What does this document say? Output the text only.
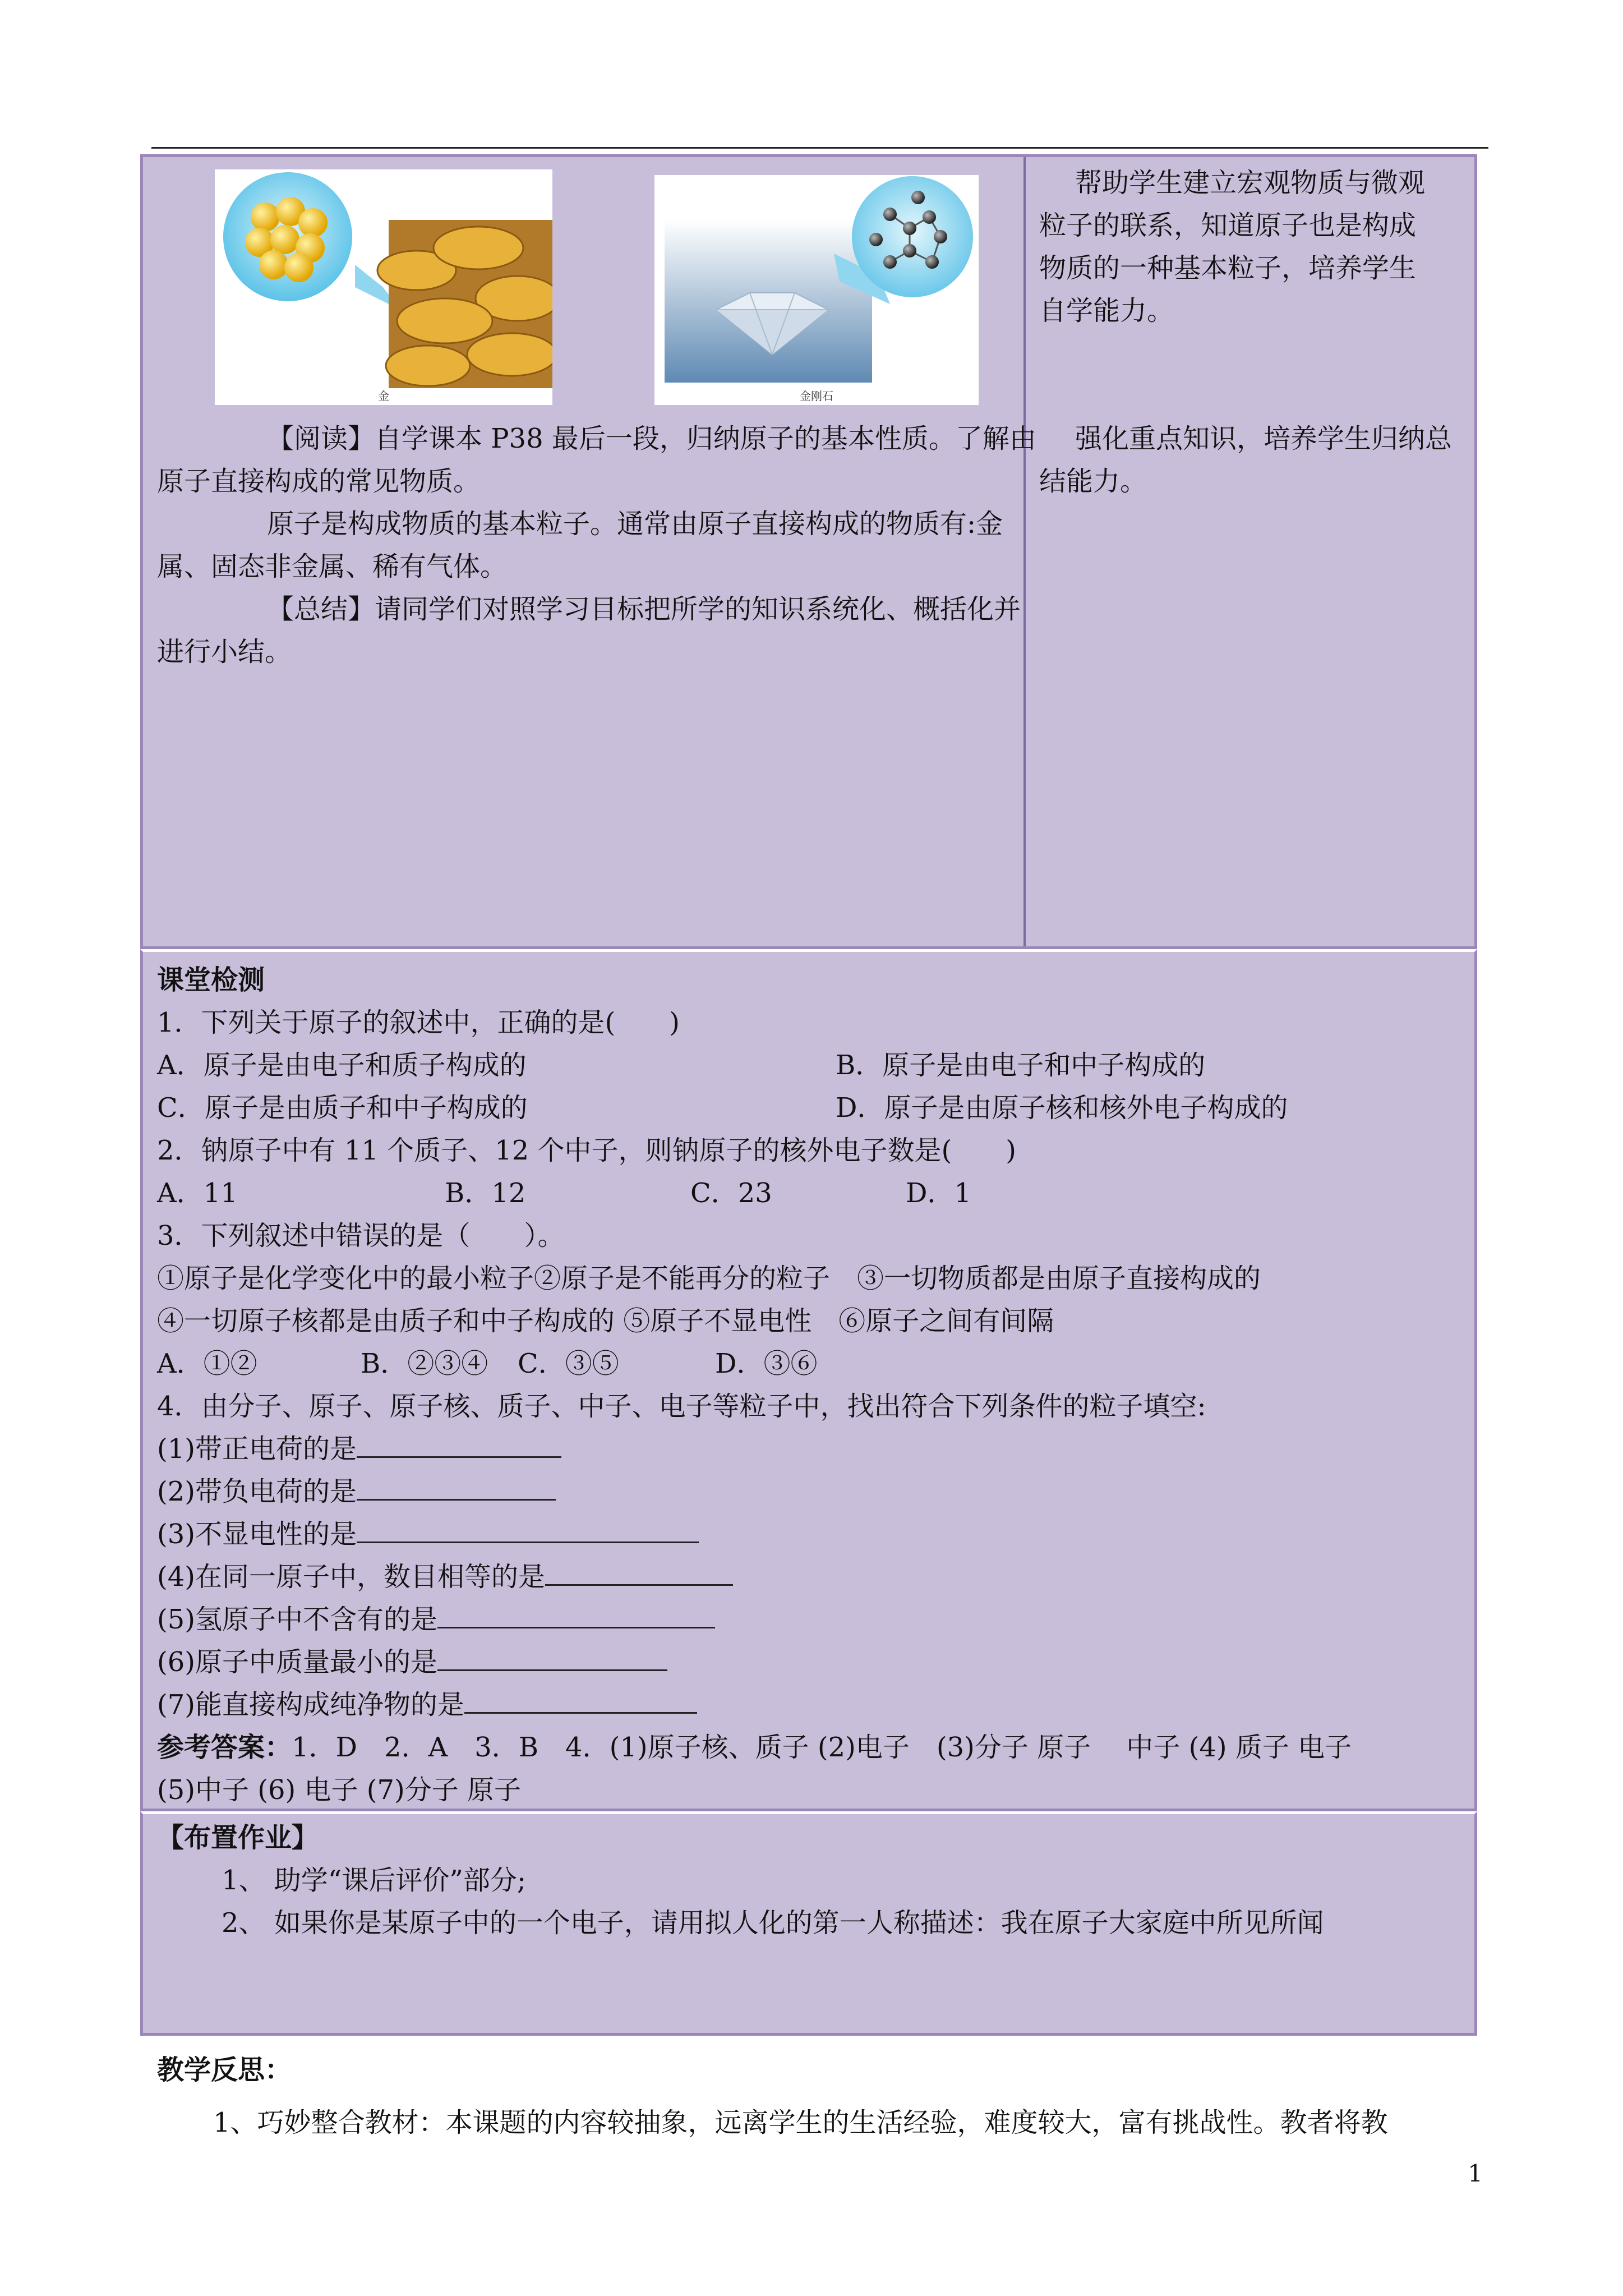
金	金刚石
【阅读】自学课本 P38 最后一段，归纳原子的基本性质。了解由
原子直接构成的常见物质。
原子是构成物质的基本粒子。通常由原子直接构成的物质有:金
属、固态非金属、稀有气体。
【总结】请同学们对照学习目标把所学的知识系统化、概括化并
进行小结。
帮助学生建立宏观物质与微观
粒子的联系，知道原子也是构成
物质的一种基本粒子，培养学生
自学能力。
强化重点知识，培养学生归纳总
结能力。
课堂检测
1．下列关于原子的叙述中，正确的是(　　)
A．原子是由电子和质子构成的	B．原子是由电子和中子构成的
C．原子是由质子和中子构成的	D．原子是由原子核和核外电子构成的
2．钠原子中有 11 个质子、12 个中子，则钠原子的核外电子数是(　　)
A．11	B．12	C．23	D．1
3．下列叙述中错误的是（　　）。
①原子是化学变化中的最小粒子②原子是不能再分的粒子　③一切物质都是由原子直接构成的
④一切原子核都是由质子和中子构成的 ⑤原子不显电性　⑥原子之间有间隔
A．①②	B．②③④ C．③⑤	D．③⑥
4．由分子、原子、原子核、质子、中子、电子等粒子中，找出符合下列条件的粒子填空:
(1)带正电荷的是
(2)带负电荷的是
(3)不显电性的是
(4)在同一原子中，数目相等的是
(5)氢原子中不含有的是
(6)原子中质量最小的是
(7)能直接构成纯净物的是
参考答案：1．D　2．A　3．B　4．(1)原子核、质子 (2)电子　(3)分子 原子　 中子 (4) 质子 电子
(5)中子 (6) 电子 (7)分子 原子
【布置作业】
1、 助学“课后评价”部分;
2、 如果你是某原子中的一个电子，请用拟人化的第一人称描述：我在原子大家庭中所见所闻
教学反思：
1、巧妙整合教材：本课题的内容较抽象，远离学生的生活经验，难度较大，富有挑战性。教者将教
1
